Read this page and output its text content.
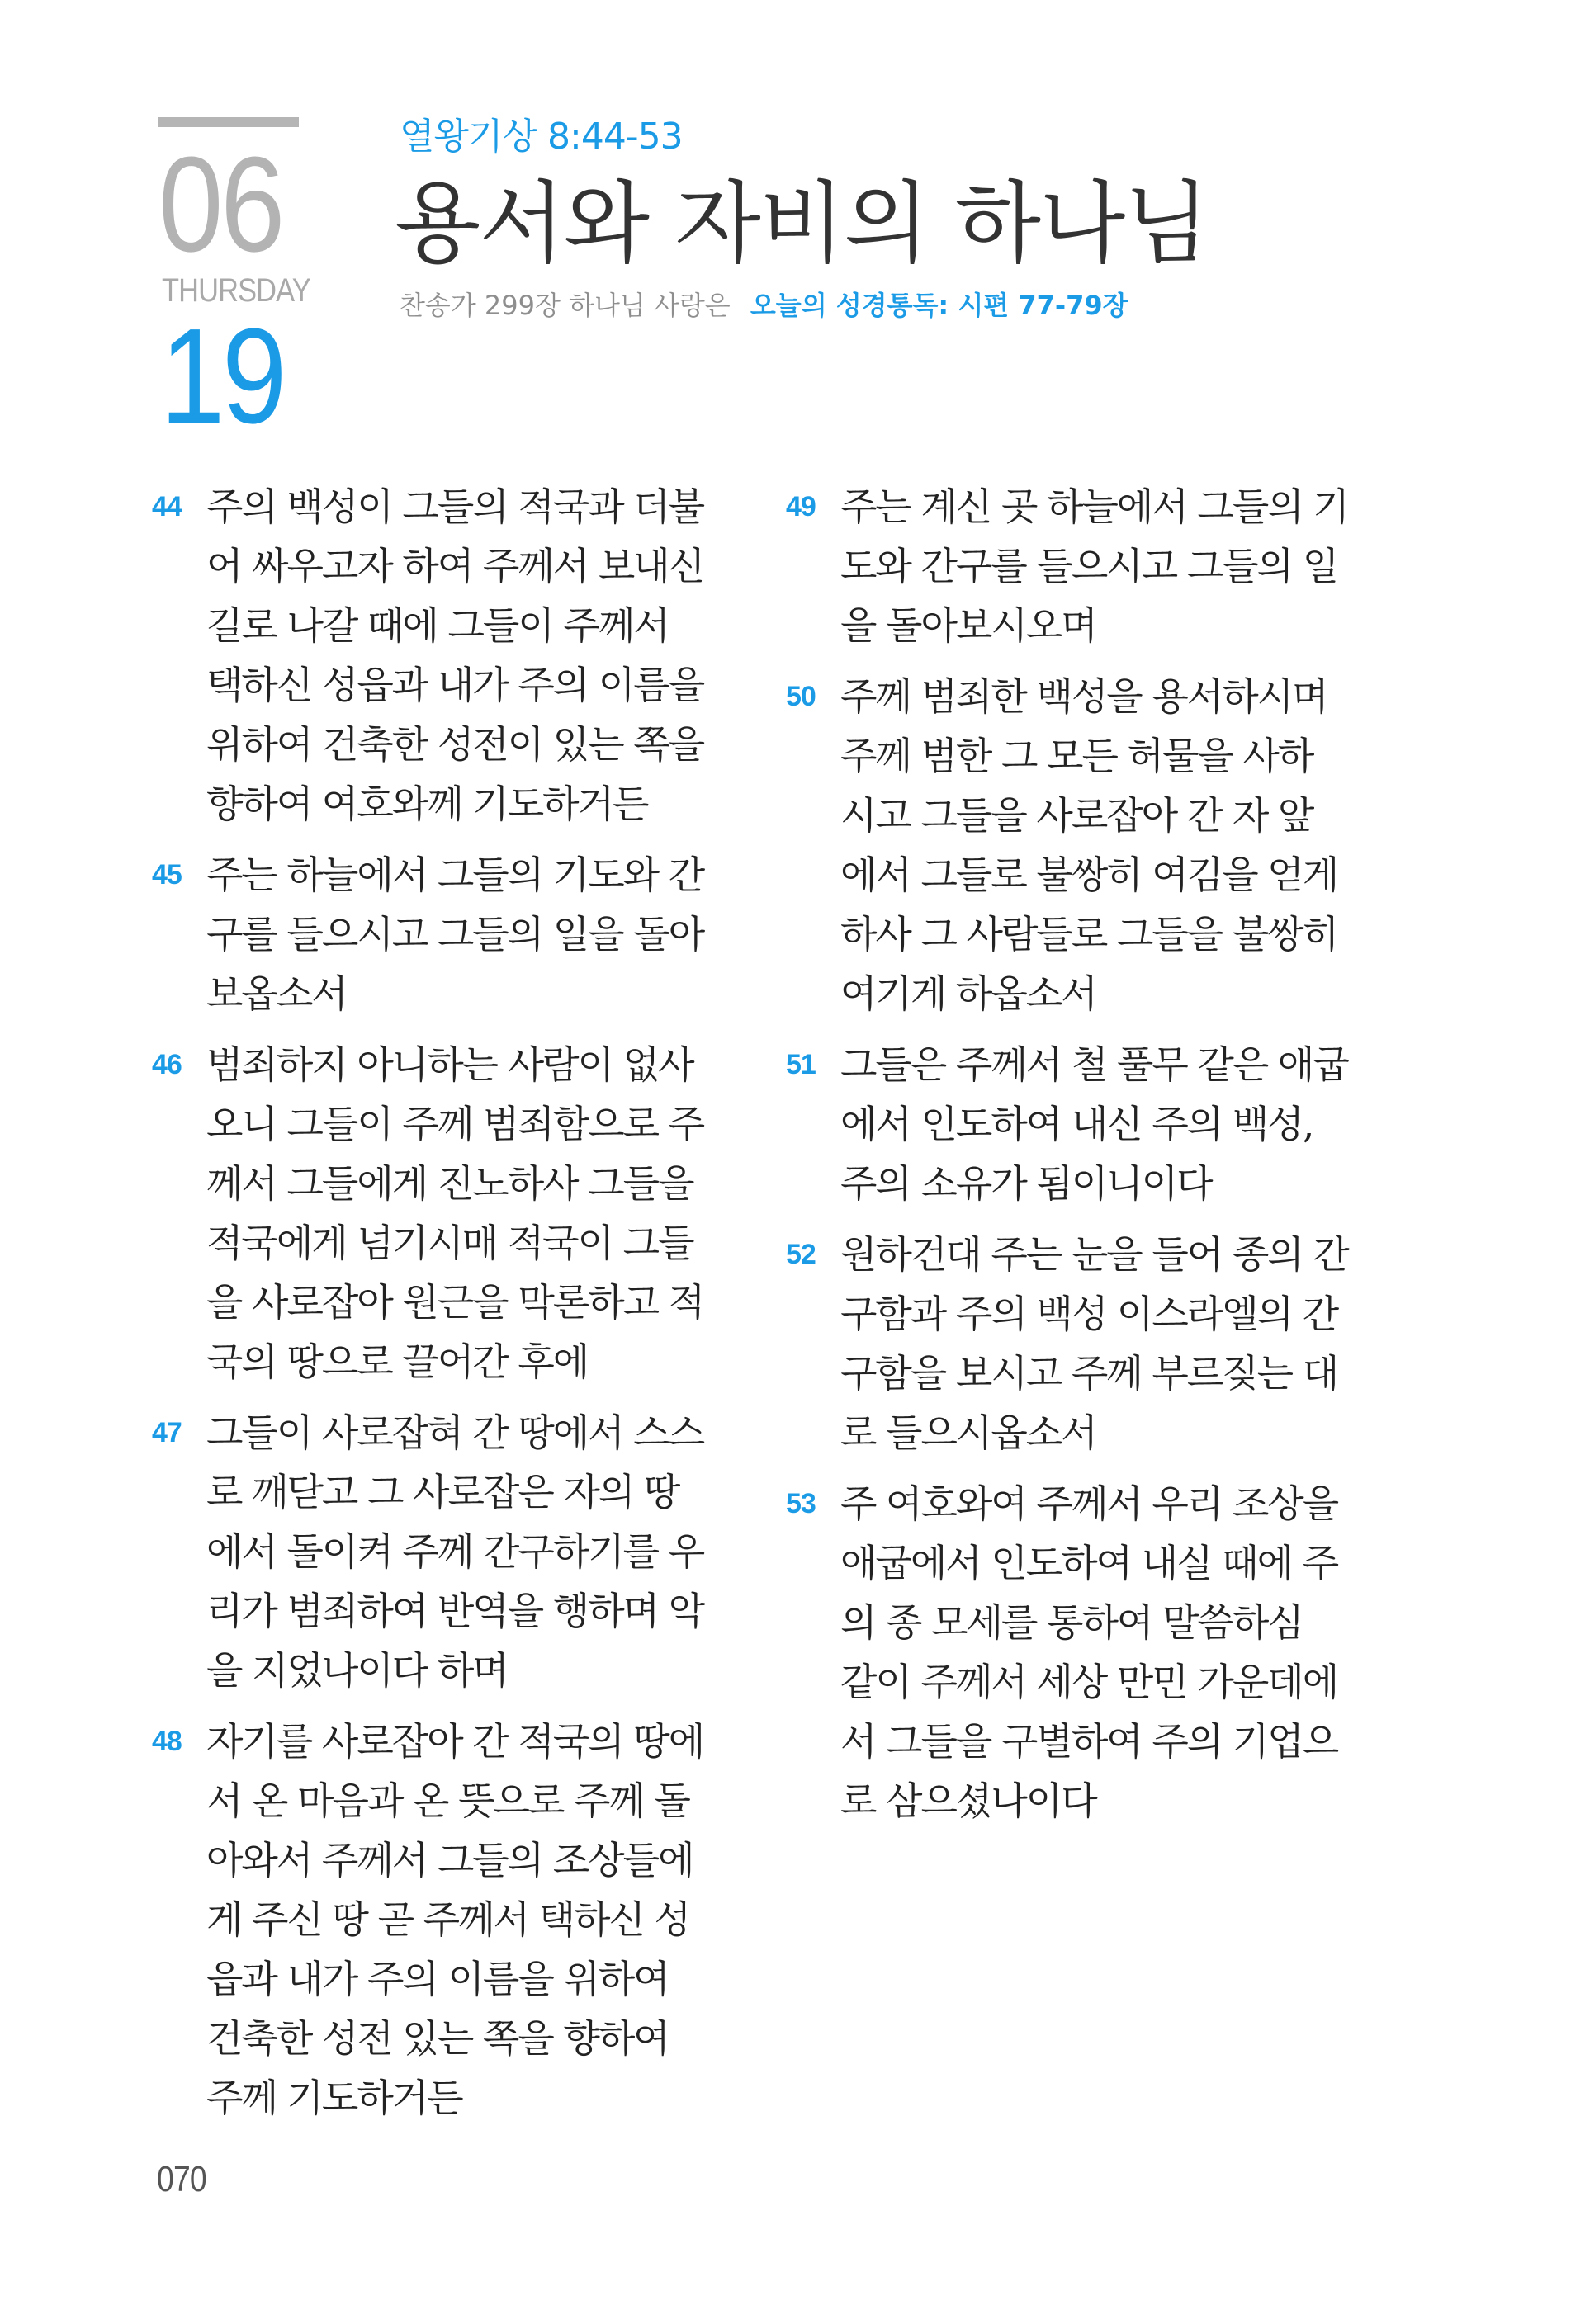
06
THURSDAY
19
열왕기상 8:44-53
용서와 자비의 하나님
찬송가 299장 하나님 사랑은 오늘의 성경통독: 시편 77-79장
44 주의 백성이 그들의 적국과 더불
어 싸우고자 하여 주께서 보내신
길로 나갈 때에 그들이 주께서
택하신 성읍과 내가 주의 이름을
위하여 건축한 성전이 있는 쪽을
향하여 여호와께 기도하거든
45 주는 하늘에서 그들의 기도와 간
구를 들으시고 그들의 일을 돌아
보옵소서
46 범죄하지 아니하는 사람이 없사
오니 그들이 주께 범죄함으로 주
께서 그들에게 진노하사 그들을
적국에게 넘기시매 적국이 그들
을 사로잡아 원근을 막론하고 적
국의 땅으로 끌어간 후에
47 그들이 사로잡혀 간 땅에서 스스
로 깨닫고 그 사로잡은 자의 땅
에서 돌이켜 주께 간구하기를 우
리가 범죄하여 반역을 행하며 악
을 지었나이다 하며
48 자기를 사로잡아 간 적국의 땅에
서 온 마음과 온 뜻으로 주께 돌
아와서 주께서 그들의 조상들에
게 주신 땅 곧 주께서 택하신 성
읍과 내가 주의 이름을 위하여
건축한 성전 있는 쪽을 향하여
주께 기도하거든
49 주는 계신 곳 하늘에서 그들의 기
도와 간구를 들으시고 그들의 일
을 돌아보시오며
50 주께 범죄한 백성을 용서하시며
주께 범한 그 모든 허물을 사하
시고 그들을 사로잡아 간 자 앞
에서 그들로 불쌍히 여김을 얻게
하사 그 사람들로 그들을 불쌍히
여기게 하옵소서
51 그들은 주께서 철 풀무 같은 애굽
에서 인도하여 내신 주의 백성,
주의 소유가 됨이니이다
52 원하건대 주는 눈을 들어 종의 간
구함과 주의 백성 이스라엘의 간
구함을 보시고 주께 부르짖는 대
로 들으시옵소서
53 주 여호와여 주께서 우리 조상을
애굽에서 인도하여 내실 때에 주
의 종 모세를 통하여 말씀하심
같이 주께서 세상 만민 가운데에
서 그들을 구별하여 주의 기업으
로 삼으셨나이다
070
